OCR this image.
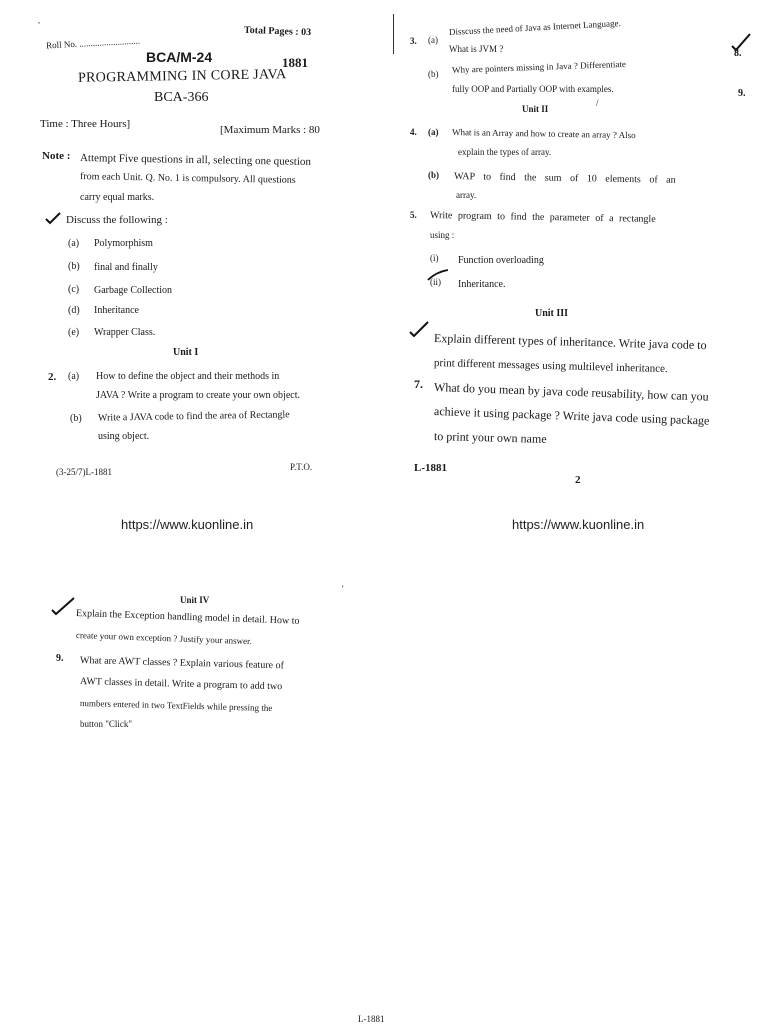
,
Roll No. ...........................
Total Pages : 03
BCA/M-24	1881
PROGRAMMING IN CORE JAVA
BCA-366
Time : Three Hours]	[Maximum Marks : 80
Note : Attempt Five questions in all, selecting one question
from each Unit. Q. No. 1 is compulsory. All questions
carry equal marks.
Discuss the following :
(a) Polymorphism
(b) final and finally
(c) Garbage Collection
(d) Inheritance
(e) Wrapper Class.
Unit I
2. (a) How to define the object and their methods in
JAVA ? Write a program to create your own object.
(b) Write a JAVA code to find the area of Rectangle
using object.
(3-25/7)L-1881	P.T.O.
3. (a)
Disscuss the need of Java as Internet Language.
What is JVM ?
(b) Why are pointers missing in Java ? Differentiate
fully OOP and Partially OOP with examples.
8.
9.
Unit II
/
4. (a) What is an Array and how to create an array ? Also
explain the types of array.
(b) WAP to find the sum of 10 elements of an
array.
5. Write program to find the parameter of a rectangle
using :
(i) Function overloading
(ii) Inheritance.
Unit III
Explain different types of inheritance. Write java code to
print different messages using multilevel inheritance.
7. What do you mean by java code reusability, how can you
achieve it using package ? Write java code using package
to print your own name
L-1881
2
https://www.kuonline.in	https://www.kuonline.in
'
Unit IV
Explain the Exception handling model in detail. How to
create your own exception ? Justify your answer.
9. What are AWT classes ? Explain various feature of
AWT classes in detail. Write a program to add two
numbers entered in two TextFields while pressing the
button "Click"
L-1881
